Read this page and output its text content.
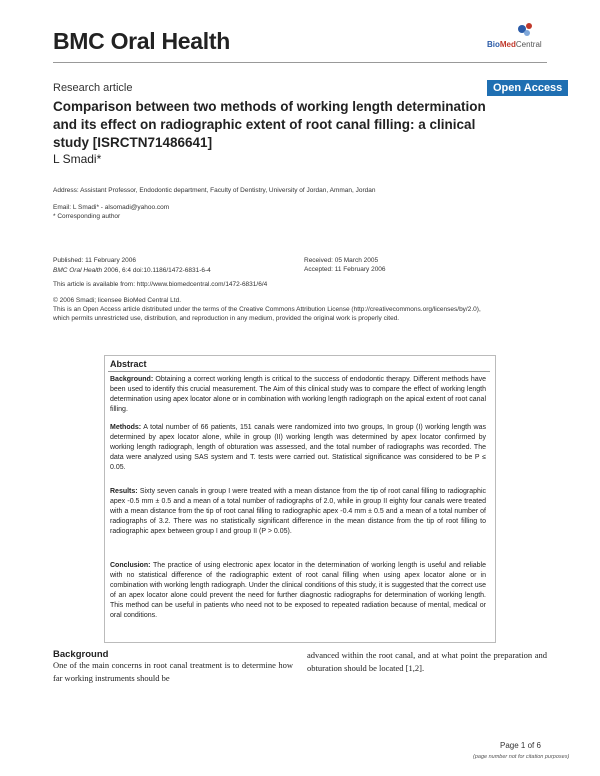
BMC Oral Health	BioMedCentral
Research article	Open Access
Comparison between two methods of working length determination and its effect on radiographic extent of root canal filling: a clinical study [ISRCTN71486641]
L Smadi*
Address: Assistant Professor, Endodontic department, Faculty of Dentistry, University of Jordan, Amman, Jordan
Email: L Smadi* - alsomadi@yahoo.com
* Corresponding author
Published: 11 February 2006
BMC Oral Health 2006, 6:4 doi:10.1186/1472-6831-6-4
Received: 05 March 2005
Accepted: 11 February 2006
This article is available from: http://www.biomedcentral.com/1472-6831/6/4
© 2006 Smadi; licensee BioMed Central Ltd.
This is an Open Access article distributed under the terms of the Creative Commons Attribution License (http://creativecommons.org/licenses/by/2.0),
which permits unrestricted use, distribution, and reproduction in any medium, provided the original work is properly cited.
Abstract
Background: Obtaining a correct working length is critical to the success of endodontic therapy. Different methods have been used to identify this crucial measurement. The Aim of this clinical study was to compare the effect of working length determination using apex locator alone or in combination with working length radiograph on the apical extent of root canal filling.
Methods: A total number of 66 patients, 151 canals were randomized into two groups, In group (I) working length was determined by apex locator alone, while in group (II) working length was determined by apex locator confirmed by working length radiograph, length of obturation was assessed, and the total number of radiographs was recorded. The data were analyzed using SAS system and T. tests were carried out. Statistical significance was considered to be P ≤ 0.05.
Results: Sixty seven canals in group I were treated with a mean distance from the tip of root canal filling to radiographic apex -0.5 mm ± 0.5 and a mean of a total number of radiographs of 2.0, while in group II eighty four canals were treated with a mean distance from the tip of root canal filling to radiographic apex -0.4 mm ± 0.5 and a mean of a total number of radiographs of 3.2. There was no statistically significant difference in the mean distance from the tip of root filling to radiographic apex between group I and group II (P > 0.05).
Conclusion: The practice of using electronic apex locator in the determination of working length is useful and reliable with no statistical difference of the radiographic extent of root canal filling when using apex locator alone or in combination with working length radiograph. Under the clinical conditions of this study, it is suggested that the correct use of an apex locator alone could prevent the need for further diagnostic radiographs for determination of working length. This method can be useful in patients who need not to be exposed to repeated radiation because of mental, medical or oral conditions.
Background
One of the main concerns in root canal treatment is to determine how far working instruments should be
advanced within the root canal, and at what point the preparation and obturation should be located [1,2].
Page 1 of 6
(page number not for citation purposes)
